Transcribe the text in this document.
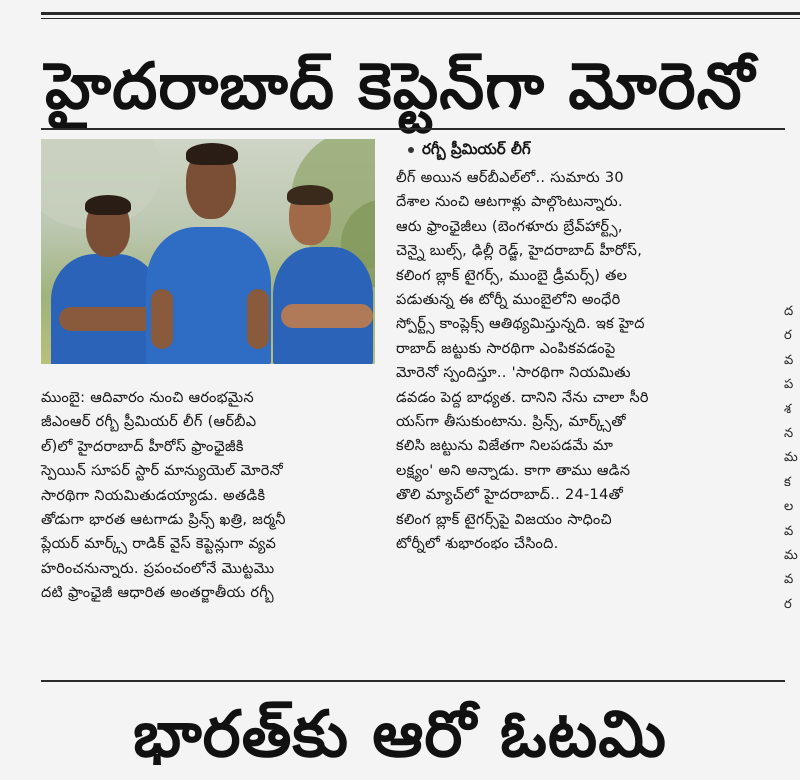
హైదరాబాద్ కెప్టెన్‌గా మోరెనో
రగ్బీ ప్రీమియర్ లీగ్

ముంబై: ఆదివారం నుంచి ఆరంభమైన

జీఎంఆర్ రగ్బీ ప్రీమియర్ లీగ్ (ఆర్‌బీఎ

ల్)లో హైదరాబాద్ హీరోస్ ఫ్రాంఛైజీకి

స్పెయిన్ సూపర్ స్టార్ మాన్యుయెల్ మోరెనో

సారథిగా నియమితుడయ్యాడు. అతడికి

తోడుగా భారత ఆటగాడు ప్రిన్స్ ఖత్రి, జర్మనీ

ప్లేయర్ మార్క్స్ రాడిక్ వైస్ కెప్టెన్లుగా వ్యవ

హరించనున్నారు. ప్రపంచంలోనే మొట్టమొ

దటి ఫ్రాంఛైజీ ఆధారిత అంతర్జాతీయ రగ్బీ

లీగ్ అయిన ఆర్‌బీఎల్‌లో.. సుమారు 30

దేశాల నుంచి ఆటగాళ్లు పాల్గొంటున్నారు.

ఆరు ఫ్రాంఛైజీలు (బెంగళూరు బ్రేవ్‌హార్ట్స్,

చెన్నై బుల్స్, ఢిల్లీ రెడ్జ్, హైదరాబాద్ హీరోస్,

కలింగ బ్లాక్ టైగర్స్, ముంబై డ్రీమర్స్) తల

పడుతున్న ఈ టోర్నీ ముంబైలోని అంధేరి

స్పోర్ట్స్ కాంప్లెక్స్ ఆతిథ్యమిస్తున్నది. ఇక హైద

రాబాద్ జట్టుకు సారథిగా ఎంపికవడంపై

మోరెనో స్పందిస్తూ.. 'సారథిగా నియమితు

డవడం పెద్ద బాధ్యత. దానిని నేను చాలా సీరి

యస్‌గా తీసుకుంటాను. ప్రిన్స్, మార్క్స్‌తో

కలిసి జట్టును విజేతగా నిలపడమే మా

లక్ష్యం' అని అన్నాడు. కాగా తాము ఆడిన

తొలి మ్యాచ్‌లో హైదరాబాద్.. 24-14తో

కలింగ బ్లాక్ టైగర్స్‌పై విజయం సాధించి

టోర్నీలో శుభారంభం చేసింది.

ద
ర
వ
ప
శ
న
మ
క
ల
వ
మ
వ
ర
భారత్‌కు ఆరో ఓటమి
